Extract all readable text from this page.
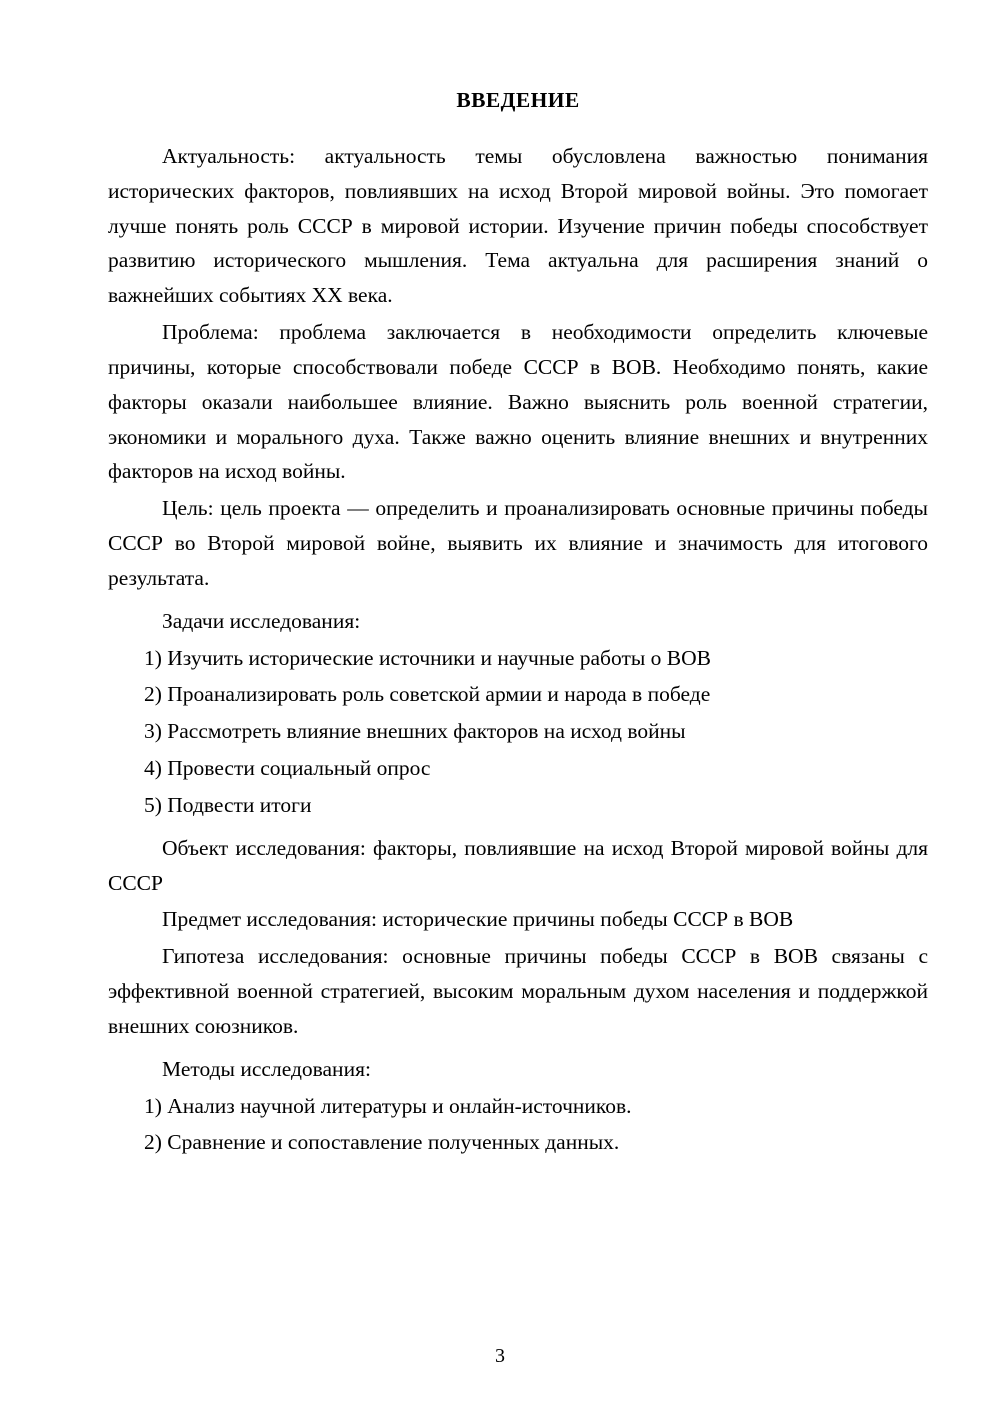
ВВЕДЕНИЕ

Актуальность: актуальность темы обусловлена важностью понимания исторических факторов, повлиявших на исход Второй мировой войны. Это помогает лучше понять роль СССР в мировой истории. Изучение причин победы способствует развитию исторического мышления. Тема актуальна для расширения знаний о важнейших событиях XX века.

Проблема: проблема заключается в необходимости определить ключевые причины, которые способствовали победе СССР в ВОВ. Необходимо понять, какие факторы оказали наибольшее влияние. Важно выяснить роль военной стратегии, экономики и морального духа. Также важно оценить влияние внешних и внутренних факторов на исход войны.

Цель: цель проекта — определить и проанализировать основные причины победы СССР во Второй мировой войне, выявить их влияние и значимость для итогового результата.

Задачи исследования:

1) Изучить исторические источники и научные работы о ВОВ

2) Проанализировать роль советской армии и народа в победе

3) Рассмотреть влияние внешних факторов на исход войны

4) Провести социальный опрос

5) Подвести итоги

Объект исследования: факторы, повлиявшие на исход Второй мировой войны для СССР

Предмет исследования: исторические причины победы СССР в ВОВ

Гипотеза исследования: основные причины победы СССР в ВОВ связаны с эффективной военной стратегией, высоким моральным духом населения и поддержкой внешних союзников.

Методы исследования:

1) Анализ научной литературы и онлайн-источников.

2) Сравнение и сопоставление полученных данных.

3
